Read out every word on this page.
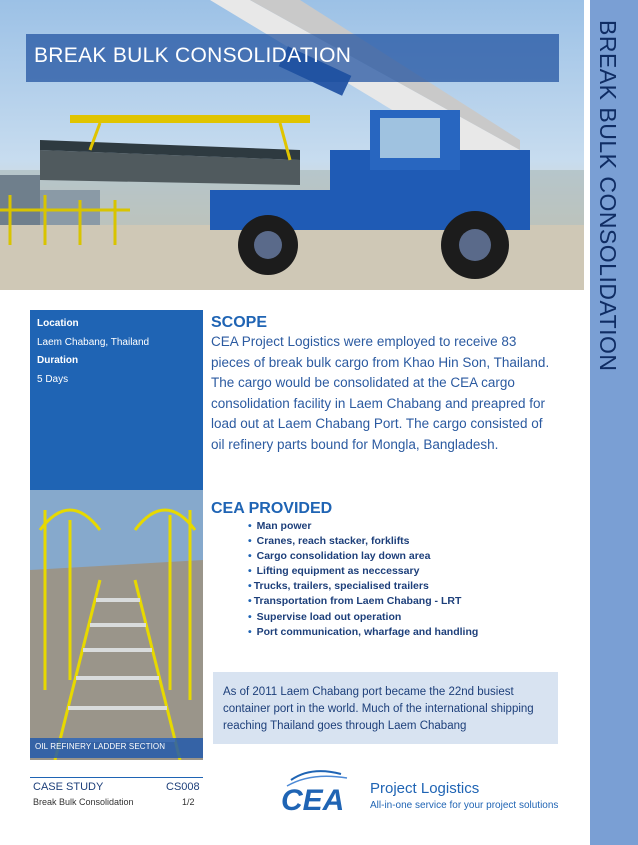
BREAK BULK CONSOLIDATION
BREAK BULK CONSOLIDATION
Location
Laem Chabang, Thailand
Duration
5 Days
OIL REFINERY LADDER SECTION
CASE STUDY	CS008
Break Bulk Consolidation	1/2
SCOPE
CEA Project Logistics were employed to receive 83 pieces of break bulk cargo from Khao Hin Son, Thailand. The cargo would be consolidated at the CEA cargo consolidation facility in Laem Chabang and preapred for load out at Laem Chabang Port. The cargo consisted of oil refinery parts bound for Mongla, Bangladesh.
CEA PROVIDED
• Man power
• Cranes, reach stacker, forklifts
• Cargo consolidation lay down area
• Lifting equipment as neccessary
• Trucks, trailers, specialised trailers
• Transportation from Laem Chabang - LRT
• Supervise load out operation
• Port communication, wharfage and handling
As of 2011 Laem Chabang port became the 22nd busiest container port in the world. Much of the international shipping reaching Thailand goes through Laem Chabang
CEA Project Logistics
All-in-one service for your project solutions
